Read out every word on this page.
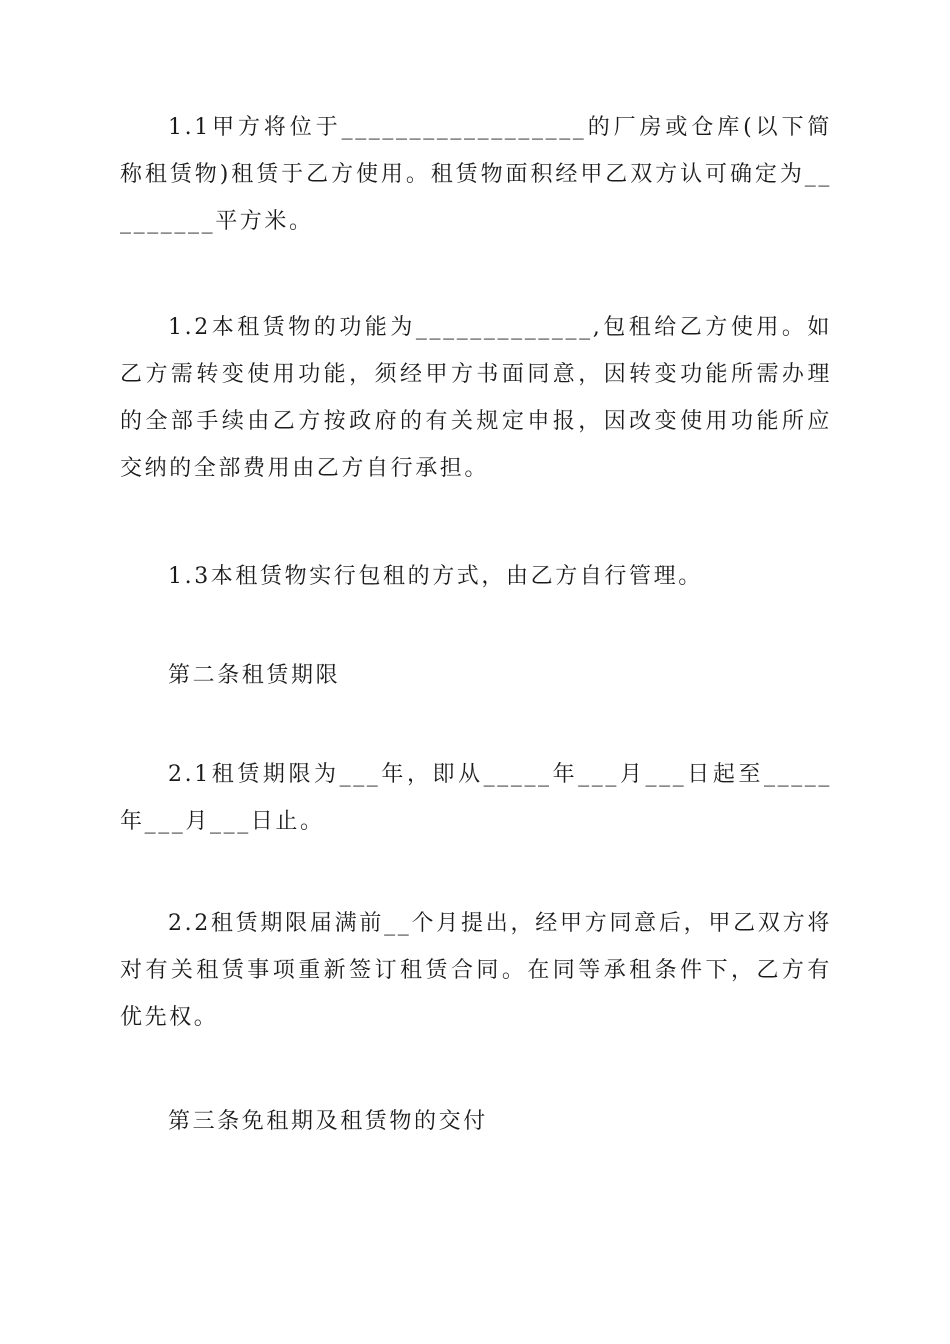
1.1甲方将位于__________________的厂房或仓库(以下简称租赁物)租赁于乙方使用。租赁物面积经甲乙双方认可确定为_________平方米。

1.2本租赁物的功能为_____________,包租给乙方使用。如乙方需转变使用功能，须经甲方书面同意，因转变功能所需办理的全部手续由乙方按政府的有关规定申报，因改变使用功能所应交纳的全部费用由乙方自行承担。

1.3本租赁物实行包租的方式，由乙方自行管理。

第二条租赁期限

2.1租赁期限为___年，即从_____年___月___日起至_____年___月___日止。

2.2租赁期限届满前__个月提出，经甲方同意后，甲乙双方将对有关租赁事项重新签订租赁合同。在同等承租条件下，乙方有优先权。

第三条免租期及租赁物的交付
